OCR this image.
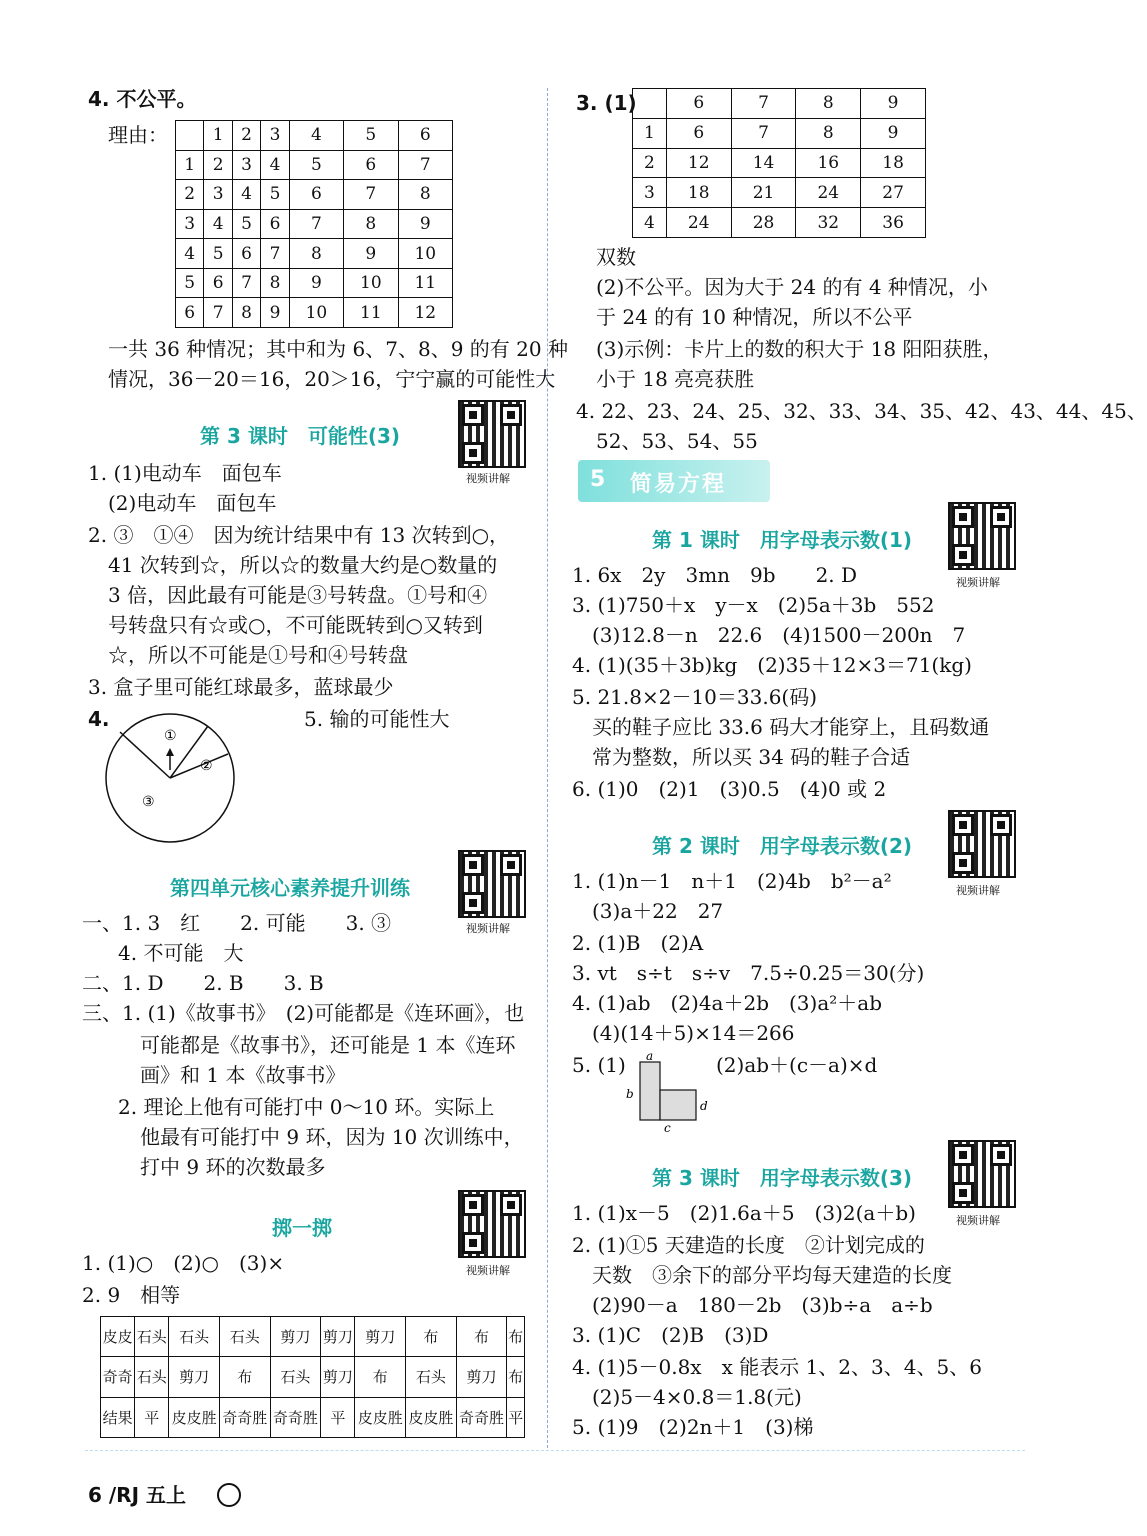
4. 不公平。
理由：
		1	2	3	4	5	6
1	2	3	4	5	6	7
2	3	4	5	6	7	8
3	4	5	6	7	8	9
4	5	6	7	8	9	10
5	6	7	8	9	10	11
6	7	8	9	10	11	12
一共 36 种情况；其中和为 6、7、8、9 的有 20 种
情况，36－20＝16，20＞16，宁宁赢的可能性大
第 3 课时　可能性(3)
视频讲解
1. (1)电动车　面包车
(2)电动车　面包车
2. ③　①④　因为统计结果中有 13 次转到○，
41 次转到☆，所以☆的数量大约是○数量的
3 倍，因此最有可能是③号转盘。①号和④
号转盘只有☆或○，不可能既转到○又转到
☆，所以不可能是①号和④号转盘
3. 盒子里可能红球最多，蓝球最少
4.	5. 输的可能性大
①
②
③
第四单元核心素养提升训练
视频讲解
一、1. 3　红　　2. 可能　　3. ③
4. 不可能　大
二、1. D　　2. B　　3. B
三、1. (1)《故事书》　(2)可能都是《连环画》，也
可能都是《故事书》，还可能是 1 本《连环
画》和 1 本《故事书》
2. 理论上他有可能打中 0～10 环。实际上
他最有可能打中 9 环，因为 10 次训练中，
打中 9 环的次数最多
掷一掷
视频讲解
1. (1)○　(2)○　(3)×
2. 9　相等
皮皮	石头	石头	石头	剪刀	剪刀	剪刀	布	布	布
奇奇	石头	剪刀	布	石头	剪刀	布	石头	剪刀	布
结果	平	皮皮胜	奇奇胜	奇奇胜	平	皮皮胜	皮皮胜	奇奇胜	平
3. (1)
		6	7	8	9
1	6	7	8	9
2	12	14	16	18
3	18	21	24	27
4	24	28	32	36
双数
(2)不公平。因为大于 24 的有 4 种情况，小
于 24 的有 10 种情况，所以不公平
(3)示例：卡片上的数的积大于 18 阳阳获胜，
小于 18 亮亮获胜
4. 22、23、24、25、32、33、34、35、42、43、44、45、
52、53、54、55
5 简易方程
第 1 课时　用字母表示数(1)
视频讲解
1. 6x　2y　3mn　9b　　2. D
3. (1)750＋x　y－x　(2)5a＋3b　552
(3)12.8－n　22.6　(4)1500－200n　7
4. (1)(35＋3b)kg　(2)35＋12×3＝71(kg)
5. 21.8×2－10＝33.6(码)
买的鞋子应比 33.6 码大才能穿上，且码数通
常为整数，所以买 34 码的鞋子合适
6. (1)0　(2)1　(3)0.5　(4)0 或 2
第 2 课时　用字母表示数(2)
视频讲解
1. (1)n－1　n＋1　(2)4b　b²－a²
(3)a＋22　27
2. (1)B　(2)A
3. vt　s÷t　s÷v　7.5÷0.25＝30(分)
4. (1)ab　(2)4a＋2b　(3)a²＋ab
(4)(14＋5)×14＝266
5. (1)	(2)ab＋(c－a)×d
a
b
c
d
第 3 课时　用字母表示数(3)
视频讲解
1. (1)x－5　(2)1.6a＋5　(3)2(a＋b)
2. (1)①5 天建造的长度　②计划完成的
天数　③余下的部分平均每天建造的长度
(2)90－a　180－2b　(3)b÷a　a÷b
3. (1)C　(2)B　(3)D
4. (1)5－0.8x　x 能表示 1、2、3、4、5、6
(2)5－4×0.8＝1.8(元)
5. (1)9　(2)2n＋1　(3)梯
6 /RJ 五上
